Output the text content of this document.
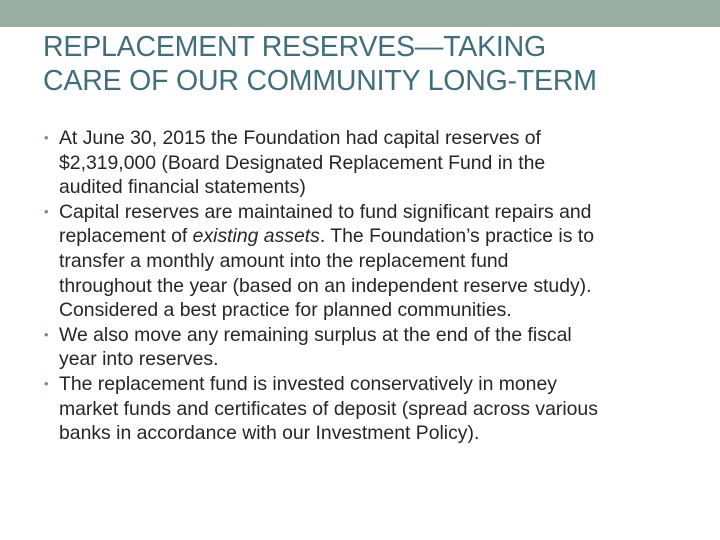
REPLACEMENT RESERVES—TAKING
CARE OF OUR COMMUNITY LONG-TERM
• At June 30, 2015 the Foundation had capital reserves of
$2,319,000 (Board Designated Replacement Fund in the
audited financial statements)
• Capital reserves are maintained to fund significant repairs and
replacement of existing assets. The Foundation’s practice is to
transfer a monthly amount into the replacement fund
throughout the year (based on an independent reserve study).
Considered a best practice for planned communities.
• We also move any remaining surplus at the end of the fiscal
year into reserves.
• The replacement fund is invested conservatively in money
market funds and certificates of deposit (spread across various
banks in accordance with our Investment Policy).
